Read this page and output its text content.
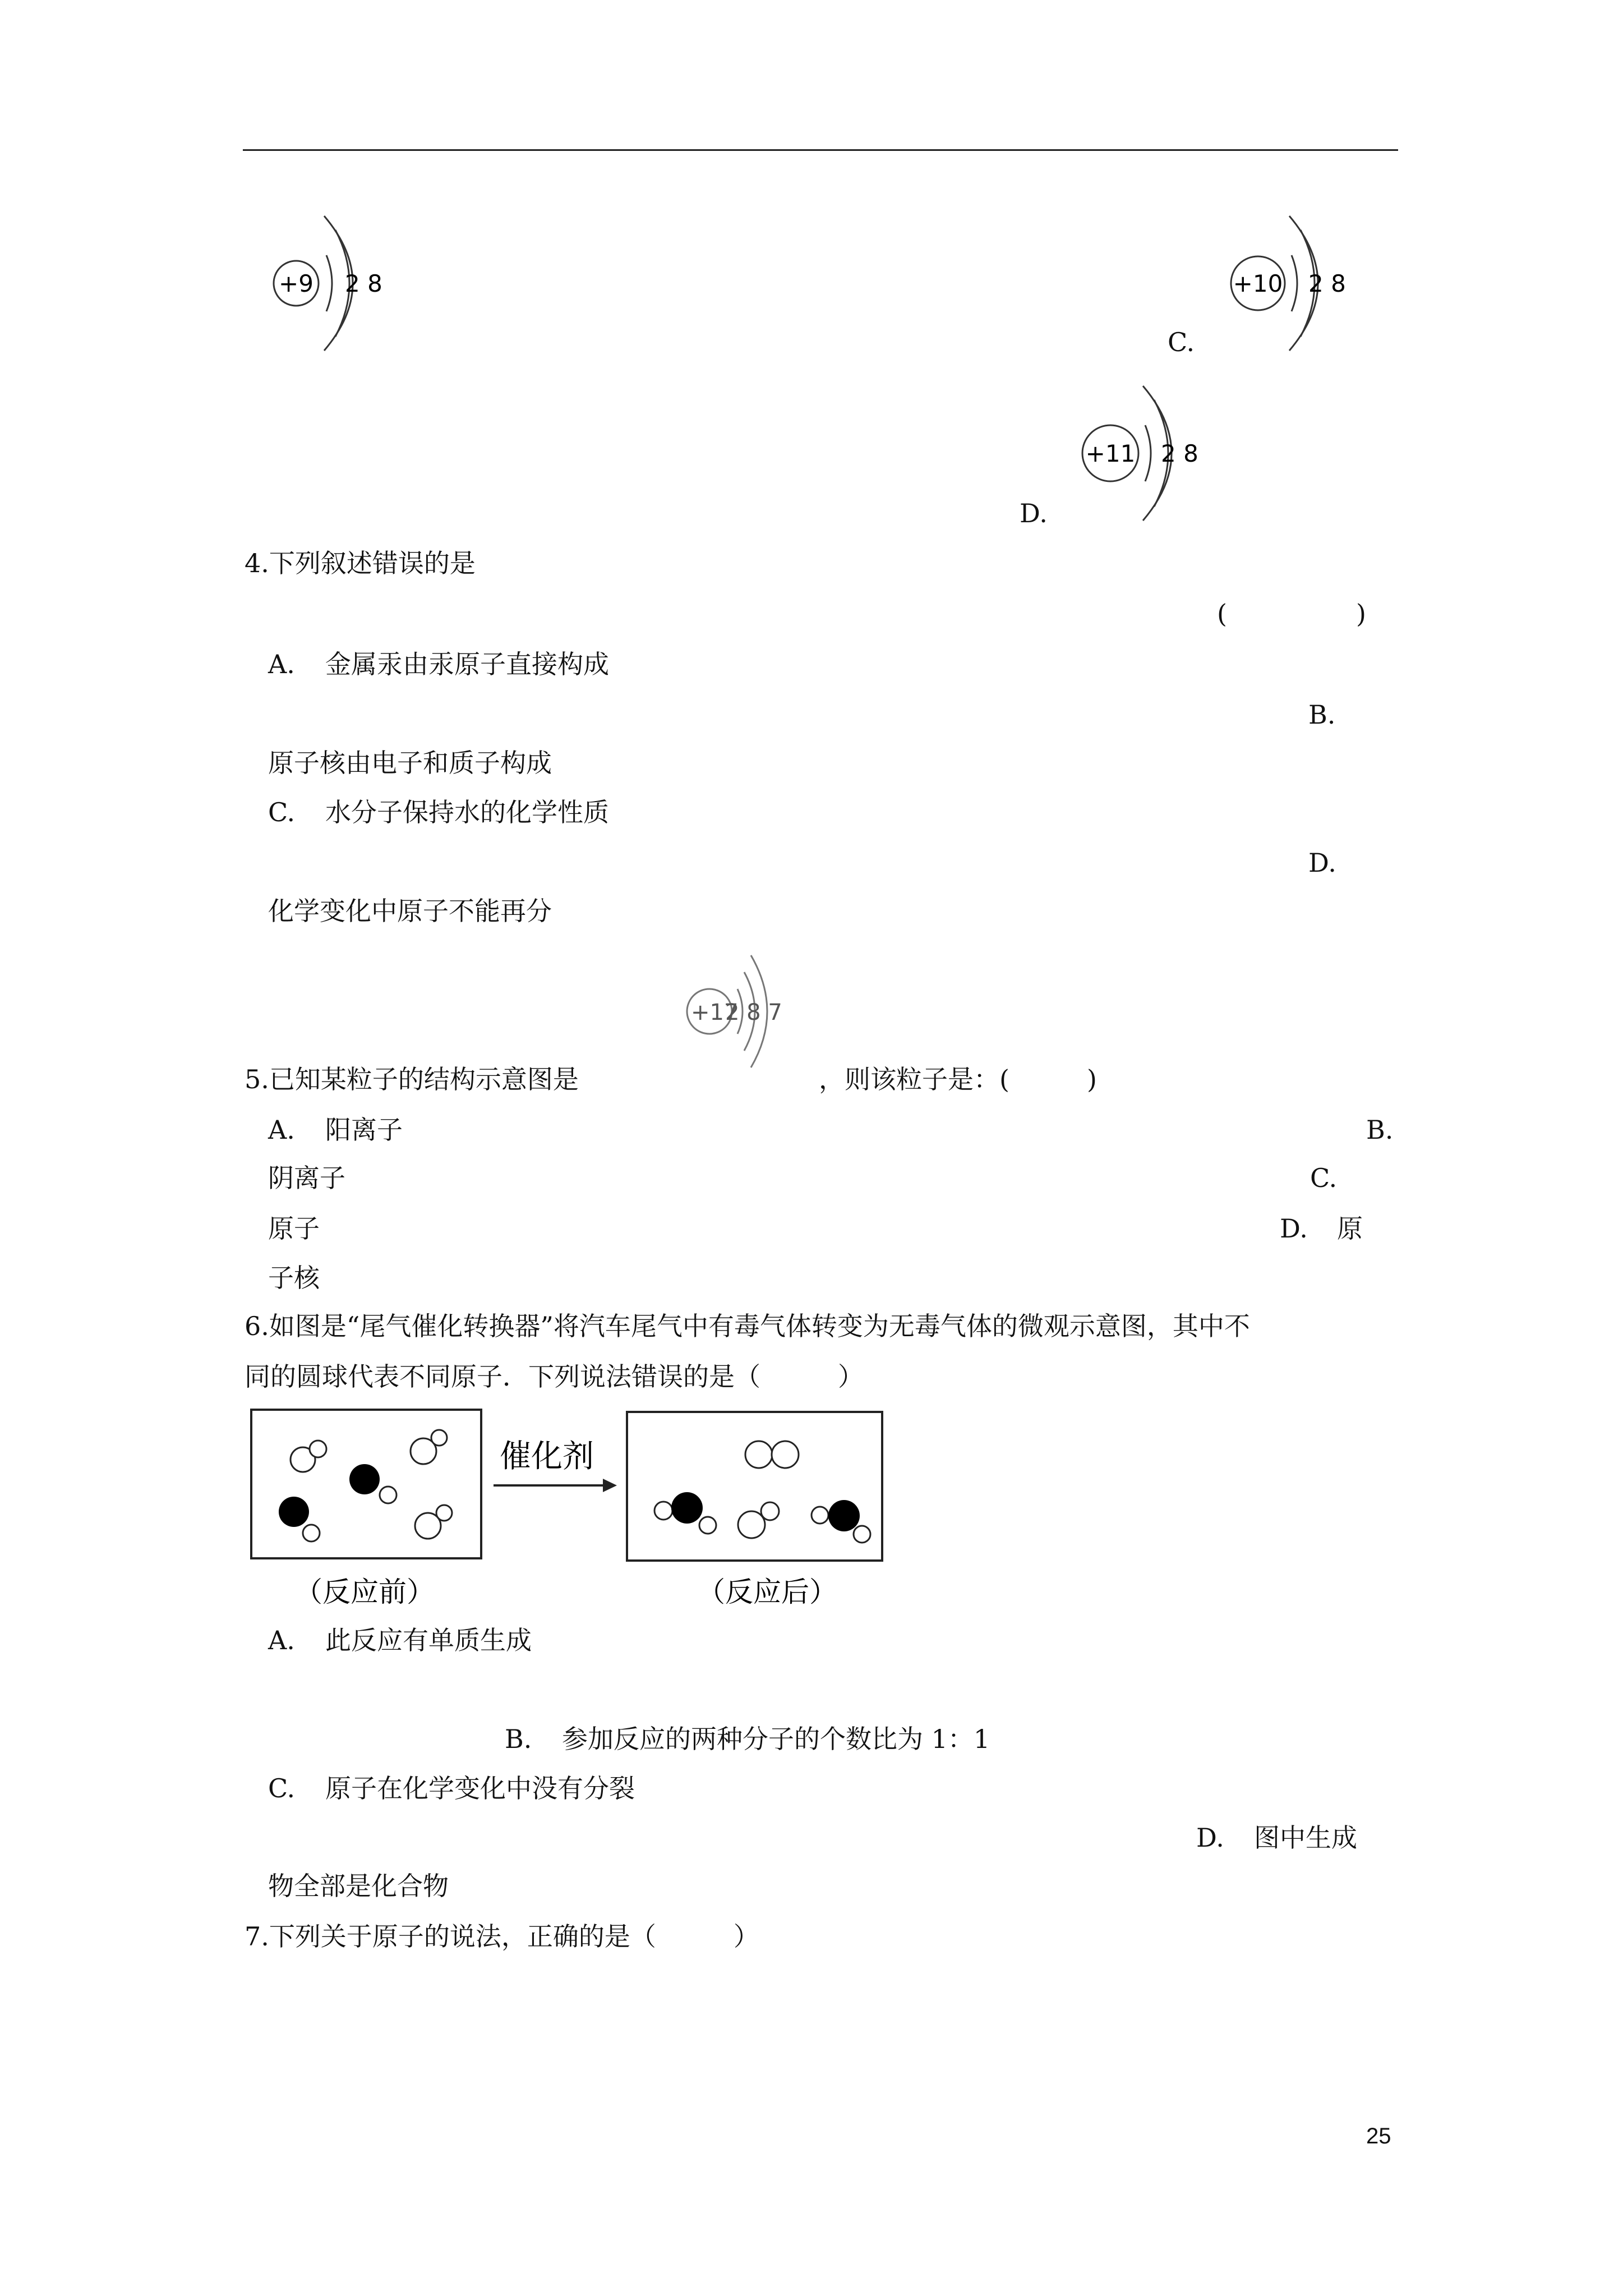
+9 2 8
C.
+10 2 8
D.
+11 2 8
4.下列叙述错误的是
(　　　　　)
A. 金属汞由汞原子直接构成
B.
原子核由电子和质子构成
C. 水分子保持水的化学性质
D.
化学变化中原子不能再分
+17
2 8 7
5.已知某粒子的结构示意图是	，则该粒子是：(　　　)
A. 阳离子	B.
阴离子	C.
原子	D. 原
子核
6.如图是“尾气催化转换器”将汽车尾气中有毒气体转变为无毒气体的微观示意图，其中不
同的圆球代表不同原子．下列说法错误的是（　　　）
催化剂
（反应前）	（反应后）
A. 此反应有单质生成
B. 参加反应的两种分子的个数比为 1：1
C. 原子在化学变化中没有分裂
D. 图中生成
物全部是化合物
7.下列关于原子的说法，正确的是（　　　）
25
